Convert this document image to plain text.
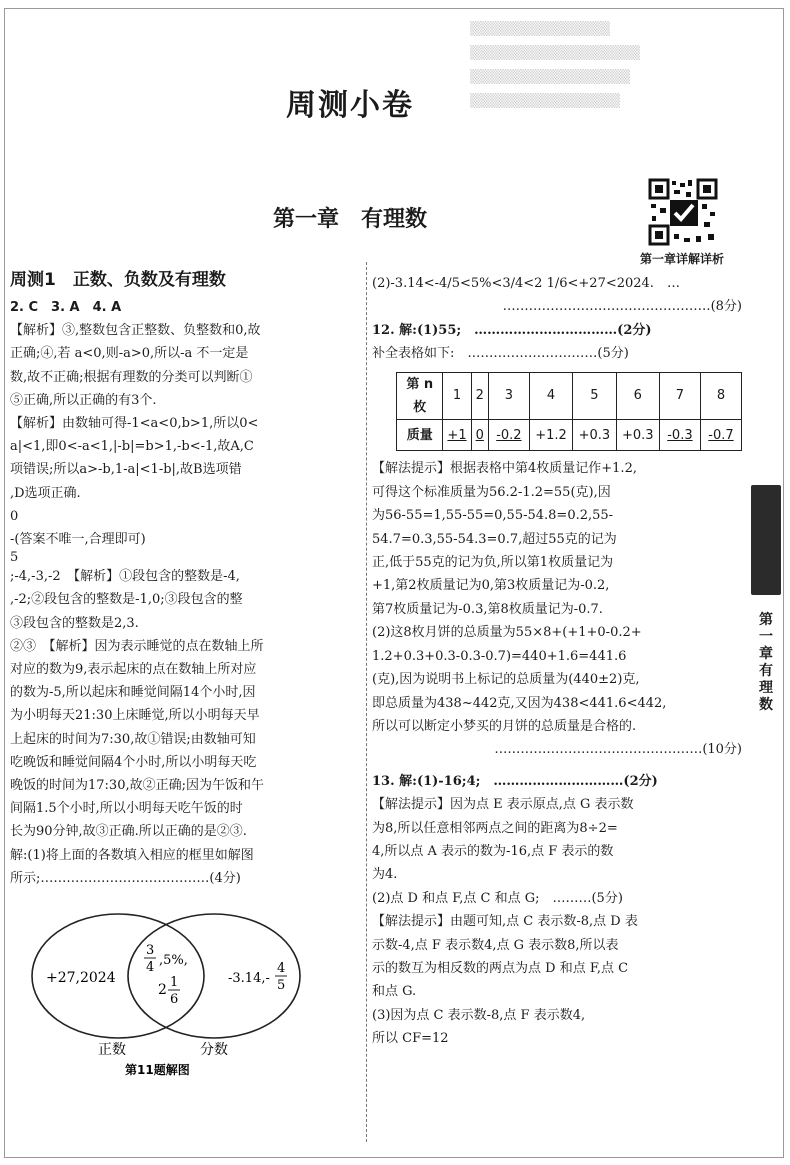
▒▒▒▒▒▒▒▒▒▒▒▒▒▒
▒▒▒▒▒▒▒▒▒▒▒▒▒▒▒▒▒
▒▒▒▒▒▒▒▒▒▒▒▒▒▒▒▒
▒▒▒▒▒▒▒▒▒▒▒▒▒▒▒
周测小卷
第一章　有理数
第一章详解详析
周测1　正数、负数及有理数
2. C　3. A　4. A
【解析】③,整数包含正整数、负整数和0,故
正确;④,若 a<0,则-a>0,所以-a 不一定是
数,故不正确;根据有理数的分类可以判断①
⑤正确,所以正确的有3个.
【解析】由数轴可得-1<a<0,b>1,所以0<
a|<1,即0<-a<1,|-b|=b>1,-b<-1,故A,C
项错误;所以a>-b,1-a|<1-b|,故B选项错
,D选项正确.
0
-(答案不唯一,合理即可)
5
;-4,-3,-2　【解析】①段包含的整数是-4,
,-2;②段包含的整数是-1,0;③段包含的整
③段包含的整数是2,3.
②③　【解析】因为表示睡觉的点在数轴上所
对应的数为9,表示起床的点在数轴上所对应
的数为-5,所以起床和睡觉间隔14个小时,因
为小明每天21:30上床睡觉,所以小明每天早
上起床的时间为7:30,故①错误;由数轴可知
吃晚饭和睡觉间隔4个小时,所以小明每天吃
晚饭的时间为17:30,故②正确;因为午饭和午
间隔1.5个小时,所以小明每天吃午饭的时
长为90分钟,故③正确.所以正确的是②③.
解:(1)将上面的各数填入相应的框里如解图
所示;…………………………………(4分)
+27,2024
3
4 ,5%,
2 1
6
-3.14,-
4
5
正数	分数
第11题解图
(2)-3.14<-4/5<5%<3/4<2 1/6<+27<2024.　…
…………………………………………(8分)
12. 解:(1)55;　……………………………(2分)
补全表格如下:　…………………………(5分)
第 n 枚	1	2	3	4	5	6	7	8
质量	+1	0	-0.2	+1.2	+0.3	+0.3	-0.3	-0.7
【解法提示】根据表格中第4枚质量记作+1.2,
可得这个标准质量为56.2-1.2=55(克),因
为56-55=1,55-55=0,55-54.8=0.2,55-
54.7=0.3,55-54.3=0.7,超过55克的记为
正,低于55克的记为负,所以第1枚质量记为
+1,第2枚质量记为0,第3枚质量记为-0.2,
第7枚质量记为-0.3,第8枚质量记为-0.7.
(2)这8枚月饼的总质量为55×8+(+1+0-0.2+
1.2+0.3+0.3-0.3-0.7)=440+1.6=441.6
(克),因为说明书上标记的总质量为(440±2)克,
即总质量为438~442克,又因为438<441.6<442,
所以可以断定小梦买的月饼的总质量是合格的.
…………………………………………(10分)
13. 解:(1)-16;4;　…………………………(2分)
【解法提示】因为点 E 表示原点,点 G 表示数
为8,所以任意相邻两点之间的距离为8÷2=
4,所以点 A 表示的数为-16,点 F 表示的数
为4.
(2)点 D 和点 F,点 C 和点 G;　………(5分)
【解法提示】由题可知,点 C 表示数-8,点 D 表
示数-4,点 F 表示数4,点 G 表示数8,所以表
示的数互为相反数的两点为点 D 和点 F,点 C
和点 G.
(3)因为点 C 表示数-8,点 F 表示数4,
所以 CF=12
第一章　有理数
